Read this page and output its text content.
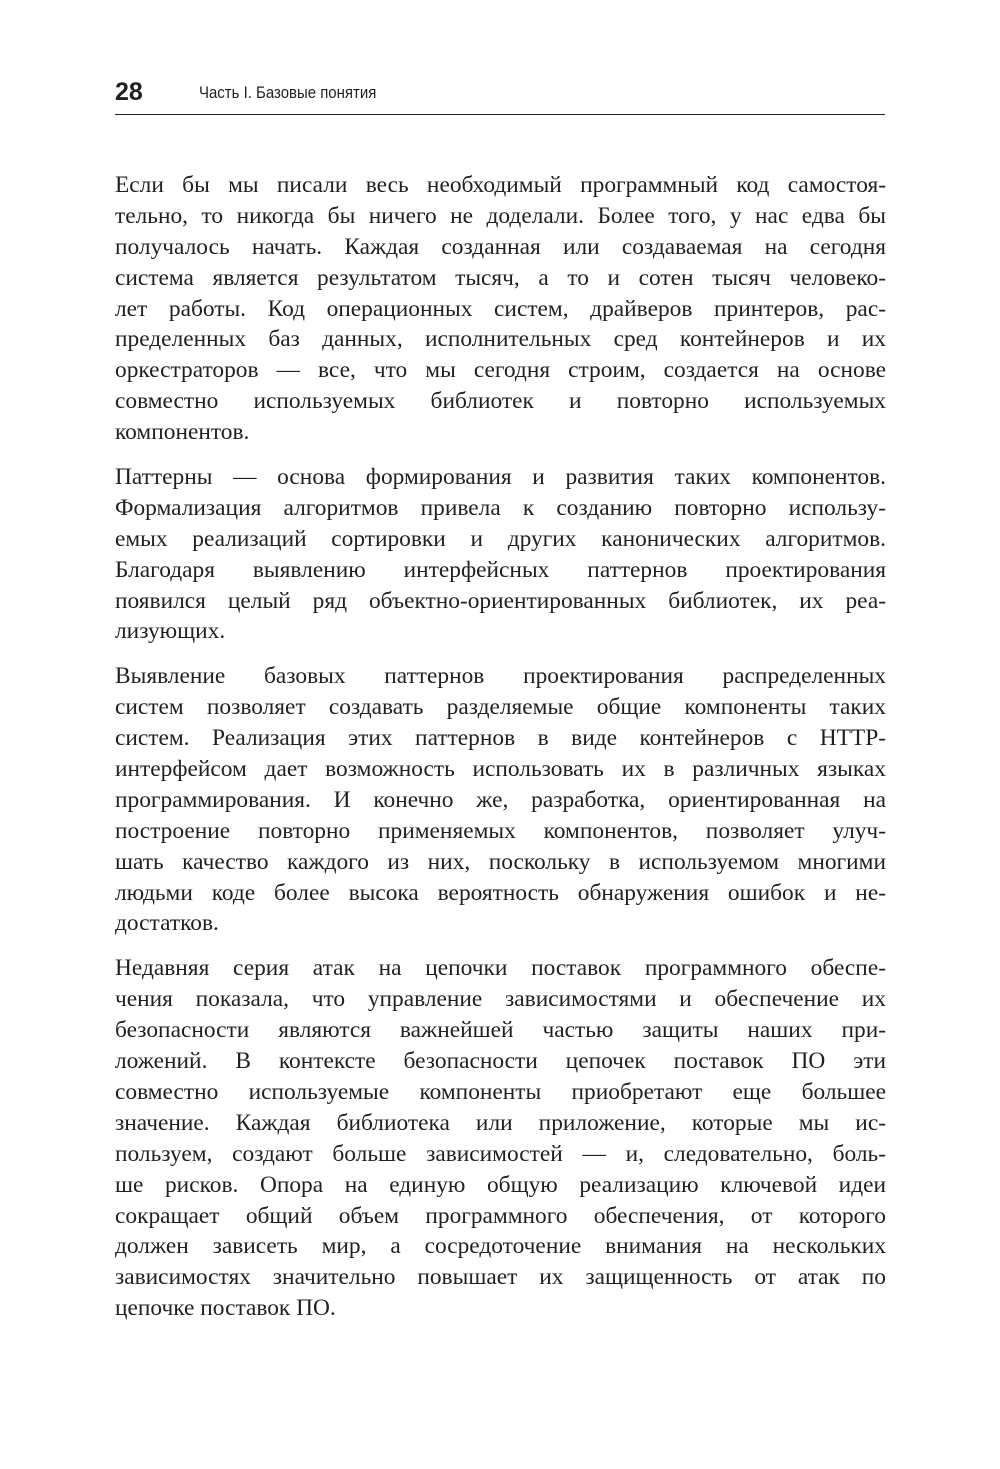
28	Часть I. Базовые понятия
Если бы мы писали весь необходимый программный код самостоя-
тельно, то никогда бы ничего не доделали. Более того, у нас едва бы
получалось начать. Каждая созданная или создаваемая на сегодня
система является результатом тысяч, а то и сотен тысяч человеко-
лет работы. Код операционных систем, драйверов принтеров, рас-
пределенных баз данных, исполнительных сред контейнеров и их
оркестраторов — все, что мы сегодня строим, создается на основе
совместно используемых библиотек и повторно используемых
компонентов.
Паттерны — основа формирования и развития таких компонентов.
Формализация алгоритмов привела к созданию повторно использу-
емых реализаций сортировки и других канонических алгоритмов.
Благодаря выявлению интерфейсных паттернов проектирования
появился целый ряд объектно-ориентированных библиотек, их реа-
лизующих.
Выявление базовых паттернов проектирования распределенных
систем позволяет создавать разделяемые общие компоненты таких
систем. Реализация этих паттернов в виде контейнеров с HTTP-
интерфейсом дает возможность использовать их в различных языках
программирования. И конечно же, разработка, ориентированная на
построение повторно применяемых компонентов, позволяет улуч-
шать качество каждого из них, поскольку в используемом многими
людьми коде более высока вероятность обнаружения ошибок и не-
достатков.
Недавняя серия атак на цепочки поставок программного обеспе-
чения показала, что управление зависимостями и обеспечение их
безопасности являются важнейшей частью защиты наших при-
ложений. В контексте безопасности цепочек поставок ПО эти
совместно используемые компоненты приобретают еще большее
значение. Каждая библиотека или приложение, которые мы ис-
пользуем, создают больше зависимостей — и, следовательно, боль-
ше рисков. Опора на единую общую реализацию ключевой идеи
сокращает общий объем программного обеспечения, от которого
должен зависеть мир, а сосредоточение внимания на нескольких
зависимостях значительно повышает их защищенность от атак по
цепочке поставок ПО.
